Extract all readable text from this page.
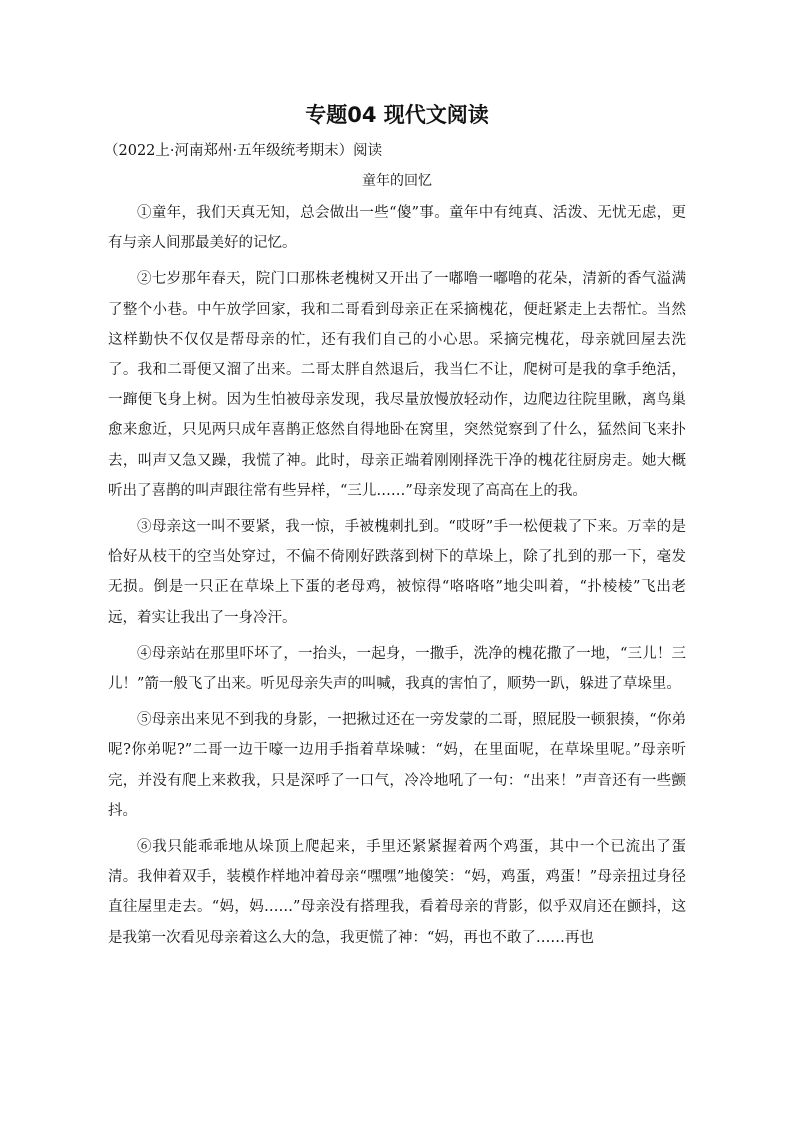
专题04 现代文阅读

（2022上·河南郑州·五年级统考期末）阅读

童年的回忆

①童年，我们天真无知，总会做出一些“傻”事。童年中有纯真、活泼、无忧无虑，更有与亲人间那最美好的记忆。

②七岁那年春天，院门口那株老槐树又开出了一嘟噜一嘟噜的花朵，清新的香气溢满了整个小巷。中午放学回家，我和二哥看到母亲正在采摘槐花，便赶紧走上去帮忙。当然这样勤快不仅仅是帮母亲的忙，还有我们自己的小心思。采摘完槐花，母亲就回屋去洗了。我和二哥便又溜了出来。二哥太胖自然退后，我当仁不让，爬树可是我的拿手绝活，一蹿便飞身上树。因为生怕被母亲发现，我尽量放慢放轻动作，边爬边往院里瞅，离鸟巢愈来愈近，只见两只成年喜鹊正悠然自得地卧在窝里，突然觉察到了什么，猛然间飞来扑去，叫声又急又躁，我慌了神。此时，母亲正端着刚刚择洗干净的槐花往厨房走。她大概听出了喜鹊的叫声跟往常有些异样，“三儿……”母亲发现了高高在上的我。

③母亲这一叫不要紧，我一惊，手被槐刺扎到。“哎呀”手一松便栽了下来。万幸的是恰好从枝干的空当处穿过，不偏不倚刚好跌落到树下的草垛上，除了扎到的那一下，毫发无损。倒是一只正在草垛上下蛋的老母鸡，被惊得“咯咯咯”地尖叫着，“扑棱棱”飞出老远，着实让我出了一身冷汗。

④母亲站在那里吓坏了，一抬头，一起身，一撒手，洗净的槐花撒了一地，“三儿！三儿！”箭一般飞了出来。听见母亲失声的叫喊，我真的害怕了，顺势一趴，躲进了草垛里。

⑤母亲出来见不到我的身影，一把揪过还在一旁发蒙的二哥，照屁股一顿狠揍，“你弟呢?你弟呢?”二哥一边干嚎一边用手指着草垛喊：“妈，在里面呢，在草垛里呢。”母亲听完，并没有爬上来救我，只是深呼了一口气，冷冷地吼了一句：“出来！”声音还有一些颤抖。

⑥我只能乖乖地从垛顶上爬起来，手里还紧紧握着两个鸡蛋，其中一个已流出了蛋清。我伸着双手，装模作样地冲着母亲“嘿嘿”地傻笑：“妈，鸡蛋，鸡蛋！”母亲扭过身径直往屋里走去。“妈，妈……”母亲没有搭理我，看着母亲的背影，似乎双肩还在颤抖，这是我第一次看见母亲着这么大的急，我更慌了神：“妈，再也不敢了……再也
